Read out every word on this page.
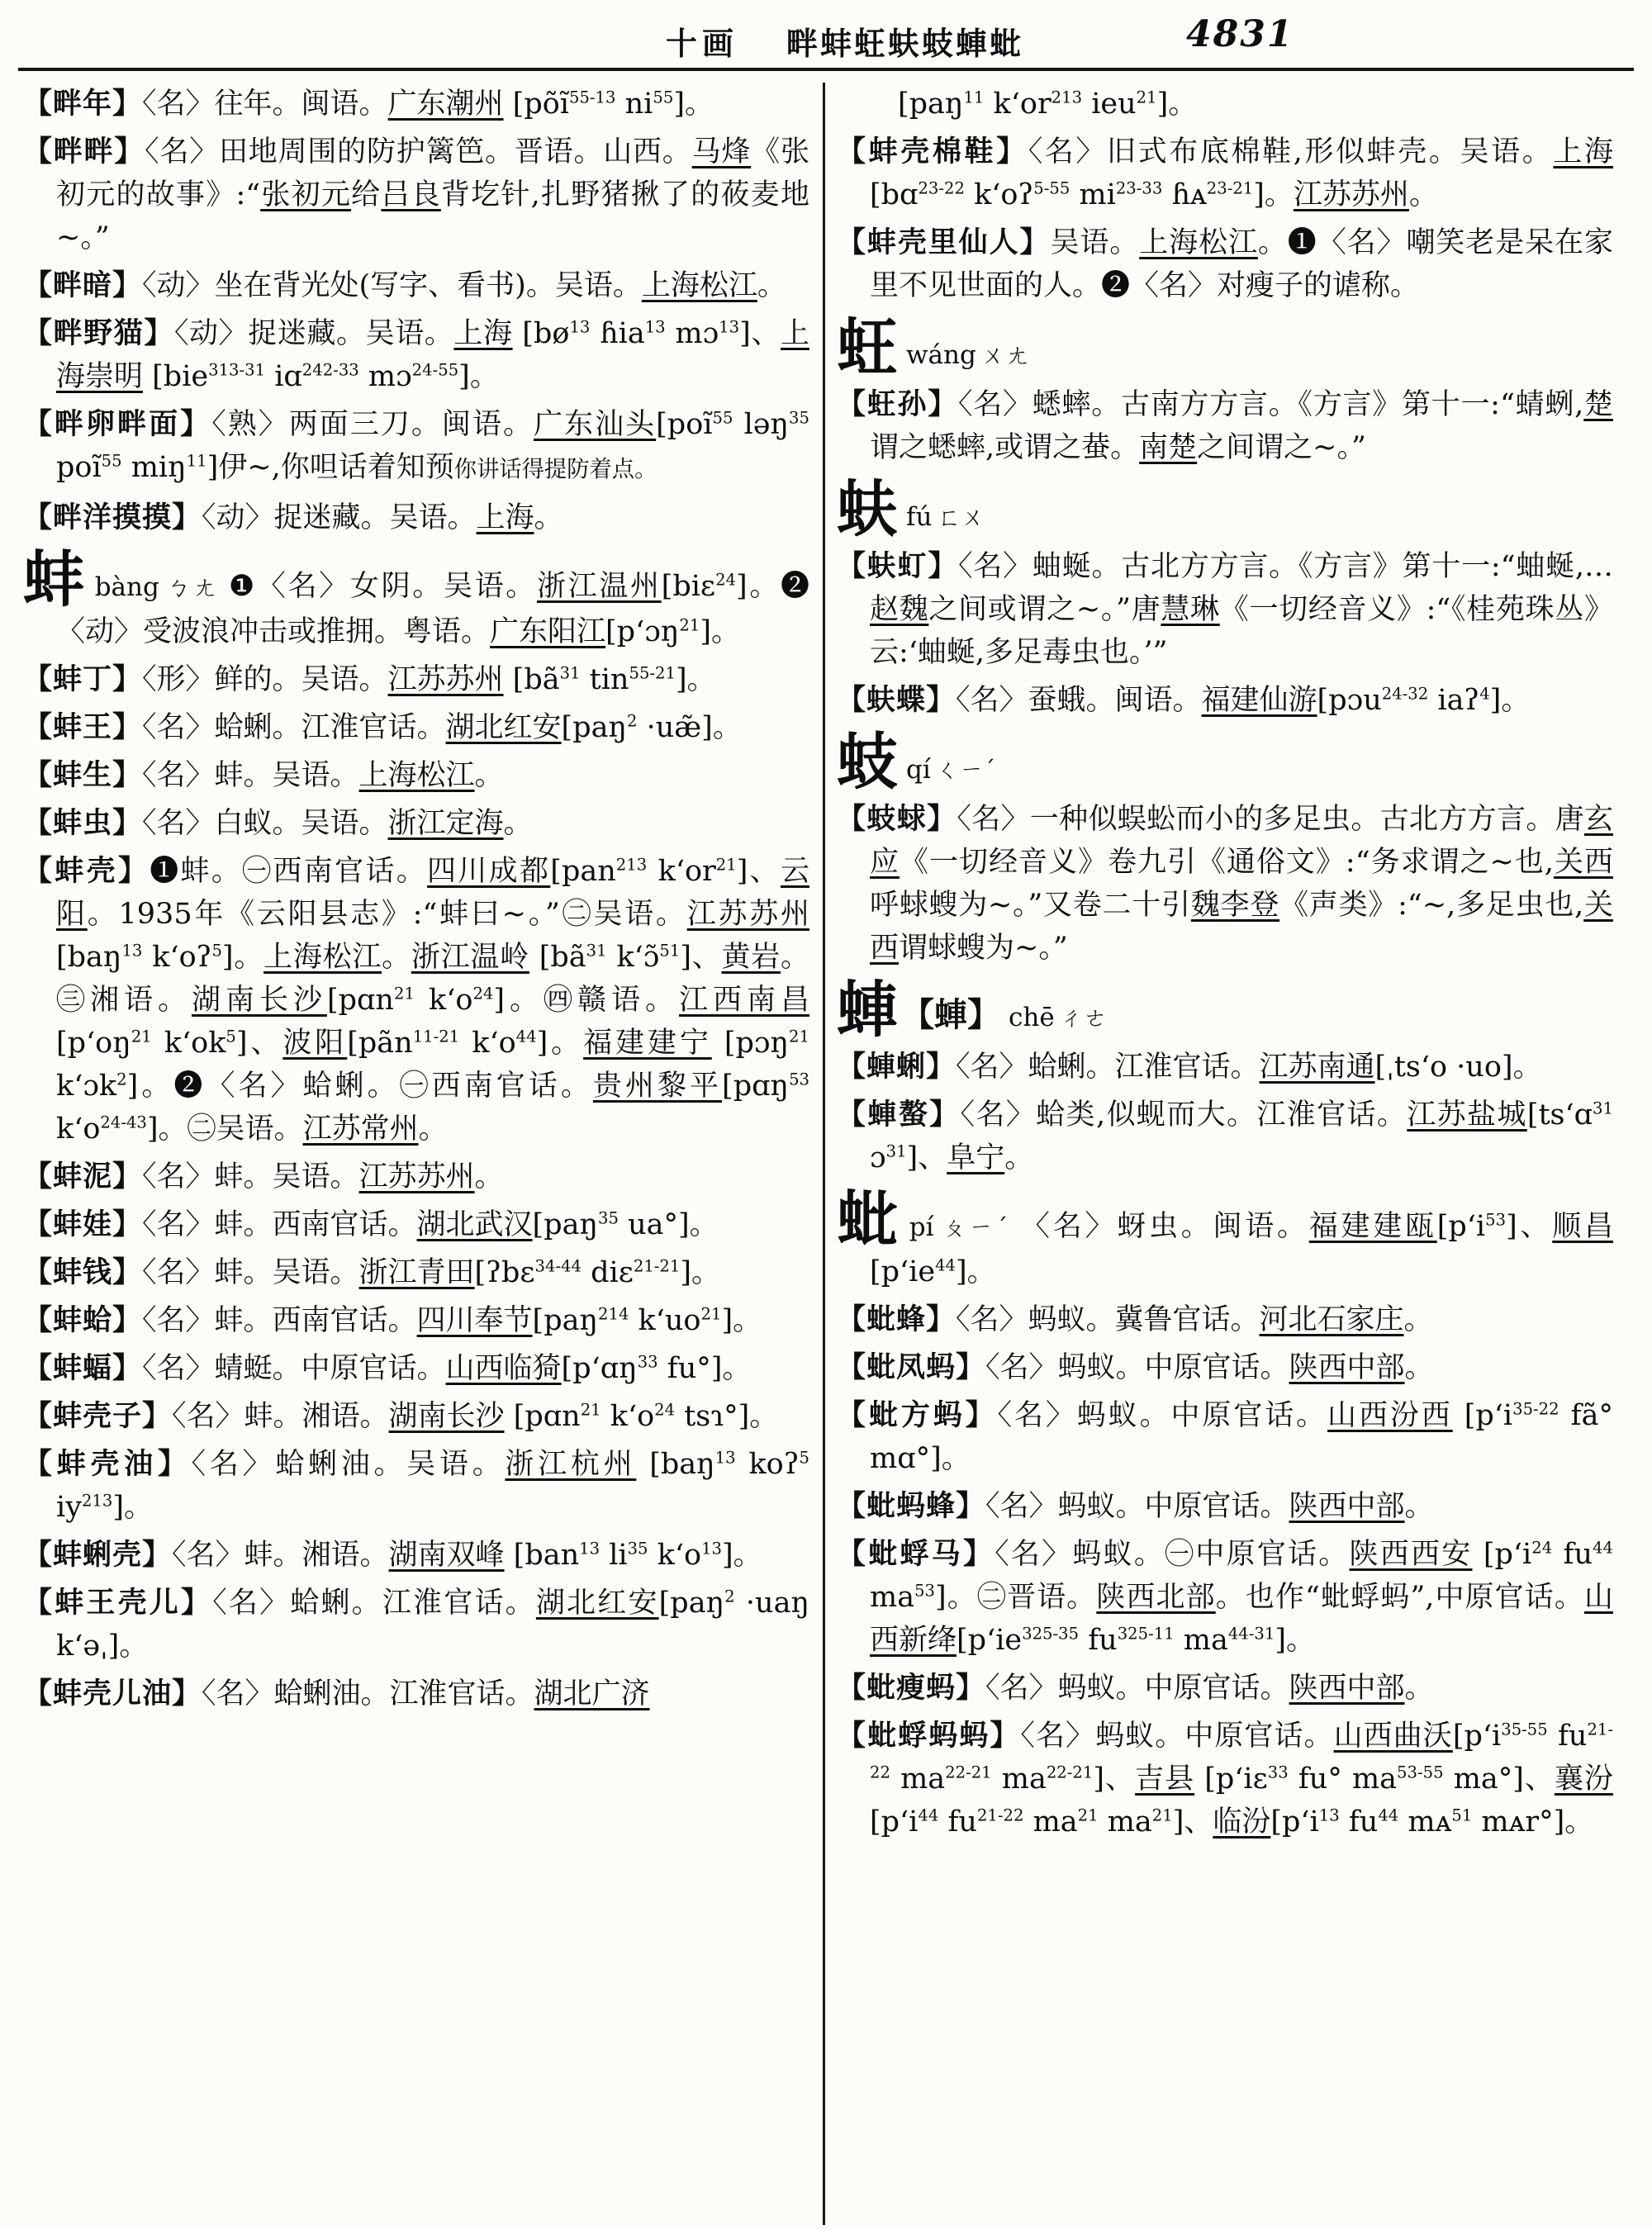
十画 畔蚌蚟蚨蚑蛼蚍	4831

【畔年】〈名〉往年。闽语。广东潮州 [põĩ$^{55-13}$ $ni^{55}$]。

【畔畔】〈名〉田地周围的防护篱笆。晋语。山西。马烽《张初元的故事》:“张初元给吕良背圪针,扎野猪揪了的莜麦地~。”

【畔暗】〈动〉坐在背光处(写字、看书)。吴语。上海松江。

【畔野猫】〈动〉捉迷藏。吴语。上海 [$bø^{13}$ ɦia$^{13}$ mɔ$^{13}$]、上海崇明 [bie$^{313-31}$ iɑ$^{242-33}$ mɔ$^{24-55}$]。

【畔卵畔面】〈熟〉两面三刀。闽语。广东汕头[poĩ$^{55}$ ləŋ$^{35}$ poĩ$^{55}$ miŋ$^{11}$]伊~,你呾话着知预你讲话得提防着点。

【畔洋摸摸】〈动〉捉迷藏。吴语。上海。

蚌bàng ㄅㄤ ❶〈名〉女阴。吴语。浙江温州[biɛ$^{24}$]。❷〈动〉受波浪冲击或推拥。粤语。广东阳江[pʻɔŋ$^{21}$]。

【蚌丁】〈形〉鲜的。吴语。江苏苏州 [$bã^{31}$ tin$^{55-21}$]。

【蚌王】〈名〉蛤蜊。江淮官话。湖北红安[paŋ$^2$ ·uæ̃]。

【蚌生】〈名〉蚌。吴语。上海松江。

【蚌虫】〈名〉白蚁。吴语。浙江定海。

【蚌壳】❶蚌。㊀西南官话。四川成都[pan$^{213}$ kʻor$^{21}$]、云阳。1935年《云阳县志》:“蚌曰~。”㊁吴语。江苏苏州 [baŋ$^{13}$ kʻoʔ$^5$]。上海松江。浙江温岭 [$bã^{31}$ kʻɔ̃$^{51}$]、黄岩。㊂湘语。湖南长沙[pɑn$^{21}$ kʻo$^{24}$]。㊃赣语。江西南昌[pʻoŋ$^{21}$ kʻok$^5$]、波阳[pãn$^{11-21}$ kʻo$^{44}$]。福建建宁 [pɔŋ$^{21}$ kʻɔk$^2$]。❷〈名〉蛤蜊。㊀西南官话。贵州黎平[pɑŋ$^{53}$ kʻo$^{24-43}$]。㊁吴语。江苏常州。

【蚌泥】〈名〉蚌。吴语。江苏苏州。

【蚌娃】〈名〉蚌。西南官话。湖北武汉[paŋ$^{35}$ ua°]。

【蚌钱】〈名〉蚌。吴语。浙江青田[ʔbɛ$^{34-44}$ diɛ$^{21-21}$]。

【蚌蛤】〈名〉蚌。西南官话。四川奉节[paŋ$^{214}$ kʻuo$^{21}$]。

【蚌蝠】〈名〉蜻蜓。中原官话。山西临猗[pʻɑŋ$^{33}$ fu°]。

【蚌壳子】〈名〉蚌。湘语。湖南长沙 [pɑn$^{21}$ kʻo$^{24}$ tsɿ°]。

【蚌壳油】〈名〉蛤蜊油。吴语。浙江杭州 [baŋ$^{13}$ koʔ$^5$ $iy^{213}$]。

【蚌蜊壳】〈名〉蚌。湘语。湖南双峰 [ban$^{13}$ $li^{35}$ kʻo$^{13}$]。

【蚌王壳儿】〈名〉蛤蜊。江淮官话。湖北红安[paŋ$^2$ ·uaŋ kʻəˌ]。

【蚌壳儿油】〈名〉蛤蜊油。江淮官话。湖北广济

[paŋ$^{11}$ kʻor$^{213}$ ieu$^{21}$]。

【蚌壳棉鞋】〈名〉旧式布底棉鞋,形似蚌壳。吴语。上海[bɑ$^{23-22}$ kʻoʔ$^{5-55}$ $mi^{23-33}$ ɦᴀ$^{23-21}$]。江苏苏州。

【蚌壳里仙人】吴语。上海松江。❶〈名〉嘲笑老是呆在家里不见世面的人。❷〈名〉对瘦子的谑称。

蚟wáng ㄨㄤ

【蚟孙】〈名〉蟋蟀。古南方方言。《方言》第十一:“蜻蛚,楚谓之蟋蟀,或谓之蛬。南楚之间谓之~。”

蚨fú ㄈㄨ

【蚨虰】〈名〉蚰蜒。古北方方言。《方言》第十一:“蚰蜒,…赵魏之间或谓之~。”唐慧琳《一切经音义》:“《桂苑珠丛》云:‘蚰蜒,多足毒虫也。’”

【蚨蝶】〈名〉蚕蛾。闽语。福建仙游[pɔu$^{24-32}$ iaʔ$^4$]。

蚑qí ㄑㄧˊ

【蚑蛷】〈名〉一种似蜈蚣而小的多足虫。古北方方言。唐玄应《一切经音义》卷九引《通俗文》:“务求谓之~也,关西呼蛷螋为~。”又卷二十引魏李登《声类》:“~,多足虫也,关西谓蛷螋为~。”

蛼 【蛼】 chē ㄔㄜ

【蛼蜊】〈名〉蛤蜊。江淮官话。江苏南通[ˌtsʻo ·uo]。

【蛼螯】〈名〉蛤类,似蚬而大。江淮官话。江苏盐城[tsʻɑ$^{31}$ ɔ$^{31}$]、阜宁。

蚍pí ㄆㄧˊ 〈名〉蚜虫。闽语。福建建瓯[pʻi$^{53}$]、顺昌[pʻie$^{44}$]。

【蚍蜂】〈名〉蚂蚁。冀鲁官话。河北石家庄。

【蚍凤蚂】〈名〉蚂蚁。中原官话。陕西中部。

【蚍方蚂】〈名〉蚂蚁。中原官话。山西汾西 [pʻi$^{35-22}$ fã° mɑ°]。

【蚍蚂蜂】〈名〉蚂蚁。中原官话。陕西中部。

【蚍蜉马】〈名〉蚂蚁。㊀中原官话。陕西西安 [pʻi$^{24}$ $fu^{44}$ $ma^{53}$]。㊁晋语。陕西北部。也作“蚍蜉蚂”,中原官话。山西新绛[pʻie$^{325-35}$ $fu^{325-11}$ $ma^{44-31}$]。

【蚍瘦蚂】〈名〉蚂蚁。中原官话。陕西中部。

【蚍蜉蚂蚂】〈名〉蚂蚁。中原官话。山西曲沃[pʻi$^{35-55}$ $fu^{21-22}$ $ma^{22-21}$ $ma^{22-21}$]、吉县 [pʻiɛ$^{33}$ fu° $ma^{53-55}$ ma°]、襄汾[pʻi$^{44}$ $fu^{21-22}$ $ma^{21}$ $ma^{21}$]、临汾[pʻi$^{13}$ $fu^{44}$ mᴀ$^{51}$ mᴀr°]。
